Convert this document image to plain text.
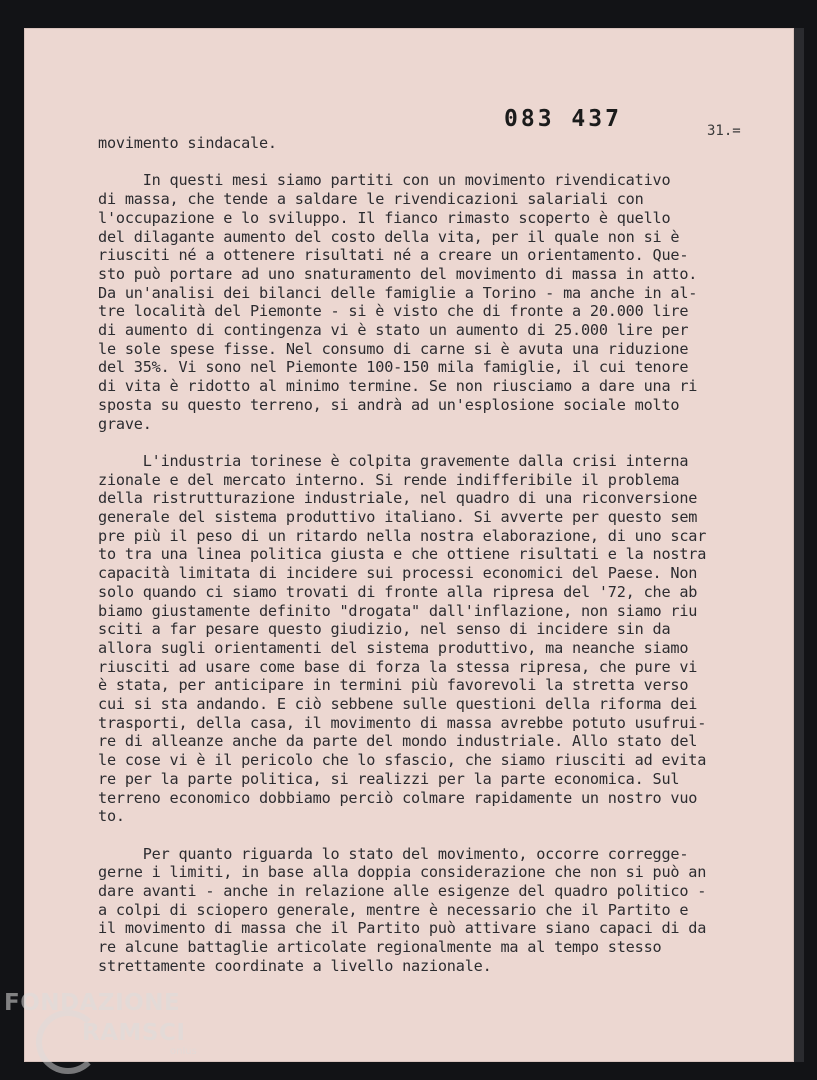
083 437	31.=
movimento sindacale.
In questi mesi siamo partiti con un movimento rivendicativo
di massa, che tende a saldare le rivendicazioni salariali con
l'occupazione e lo sviluppo. Il fianco rimasto scoperto è quello
del dilagante aumento del costo della vita, per il quale non si è
riusciti né a ottenere risultati né a creare un orientamento. Que-
sto può portare ad uno snaturamento del movimento di massa in atto.
Da un'analisi dei bilanci delle famiglie a Torino - ma anche in al-
tre località del Piemonte - si è visto che di fronte a 20.000 lire
di aumento di contingenza vi è stato un aumento di 25.000 lire per
le sole spese fisse. Nel consumo di carne si è avuta una riduzione
del 35%. Vi sono nel Piemonte 100-150 mila famiglie, il cui tenore
di vita è ridotto al minimo termine. Se non riusciamo a dare una ri
sposta su questo terreno, si andrà ad un'esplosione sociale molto
grave.
L'industria torinese è colpita gravemente dalla crisi interna
zionale e del mercato interno. Si rende indifferibile il problema
della ristrutturazione industriale, nel quadro di una riconversione
generale del sistema produttivo italiano. Si avverte per questo sem
pre più il peso di un ritardo nella nostra elaborazione, di uno scar
to tra una linea politica giusta e che ottiene risultati e la nostra
capacità limitata di incidere sui processi economici del Paese. Non
solo quando ci siamo trovati di fronte alla ripresa del '72, che ab
biamo giustamente definito "drogata" dall'inflazione, non siamo riu
sciti a far pesare questo giudizio, nel senso di incidere sin da
allora sugli orientamenti del sistema produttivo, ma neanche siamo
riusciti ad usare come base di forza la stessa ripresa, che pure vi
è stata, per anticipare in termini più favorevoli la stretta verso
cui si sta andando. E ciò sebbene sulle questioni della riforma dei
trasporti, della casa, il movimento di massa avrebbe potuto usufrui-
re di alleanze anche da parte del mondo industriale. Allo stato del
le cose vi è il pericolo che lo sfascio, che siamo riusciti ad evita
re per la parte politica, si realizzi per la parte economica. Sul
terreno economico dobbiamo perciò colmare rapidamente un nostro vuo
to.
Per quanto riguarda lo stato del movimento, occorre corregge-
gerne i limiti, in base alla doppia considerazione che non si può an
dare avanti - anche in relazione alle esigenze del quadro politico -
a colpi di sciopero generale, mentre è necessario che il Partito e
il movimento di massa che il Partito può attivare siano capaci di da
re alcune battaglie articolate regionalmente ma al tempo stesso
strettamente coordinate a livello nazionale.
FONDAZIONE
RAMSCI
onlus
